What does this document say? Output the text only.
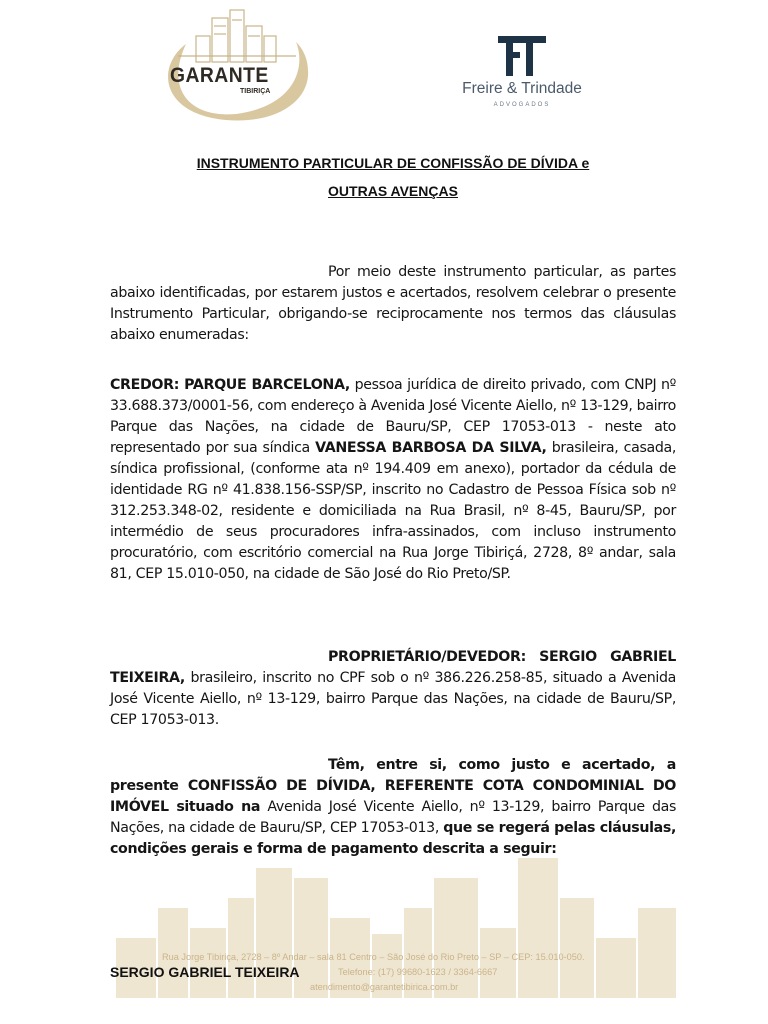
GARANTE
TIBIRIÇA	Freire & Trindade
ADVOGADOS
INSTRUMENTO PARTICULAR DE CONFISSÃO DE DÍVIDA e
OUTRAS AVENÇAS
Por meio deste instrumento particular, as partes abaixo identificadas, por estarem justos e acertados, resolvem celebrar o presente Instrumento Particular, obrigando-se reciprocamente nos termos das cláusulas abaixo enumeradas:
CREDOR: PARQUE BARCELONA, pessoa jurídica de direito privado, com CNPJ nº 33.688.373/0001-56, com endereço à Avenida José Vicente Aiello, nº 13-129, bairro Parque das Nações, na cidade de Bauru/SP, CEP 17053-013 - neste ato representado por sua síndica VANESSA BARBOSA DA SILVA, brasileira, casada, síndica profissional, (conforme ata nº 194.409 em anexo), portador da cédula de identidade RG nº 41.838.156-SSP/SP, inscrito no Cadastro de Pessoa Física sob nº 312.253.348-02, residente e domiciliada na Rua Brasil, nº 8-45, Bauru/SP, por intermédio de seus procuradores infra-assinados, com incluso instrumento procuratório, com escritório comercial na Rua Jorge Tibiriçá, 2728, 8º andar, sala 81, CEP 15.010-050, na cidade de São José do Rio Preto/SP.
PROPRIETÁRIO/DEVEDOR: SERGIO GABRIEL TEIXEIRA, brasileiro, inscrito no CPF sob o nº 386.226.258-85, situado a Avenida José Vicente Aiello, nº 13-129, bairro Parque das Nações, na cidade de Bauru/SP, CEP 17053-013.
Têm, entre si, como justo e acertado, a presente CONFISSÃO DE DÍVIDA, REFERENTE COTA CONDOMINIAL DO IMÓVEL situado na Avenida José Vicente Aiello, nº 13-129, bairro Parque das Nações, na cidade de Bauru/SP, CEP 17053-013, que se regerá pelas cláusulas, condições gerais e forma de pagamento descrita a seguir:
Rua Jorge Tibiriça, 2728 – 8º Andar – sala 81 Centro – São José do Rio Preto – SP – CEP: 15.010-050.
Telefone: (17) 99680-1623 / 3364-6667
atendimento@garantetibirica.com.br
SERGIO GABRIEL TEIXEIRA
